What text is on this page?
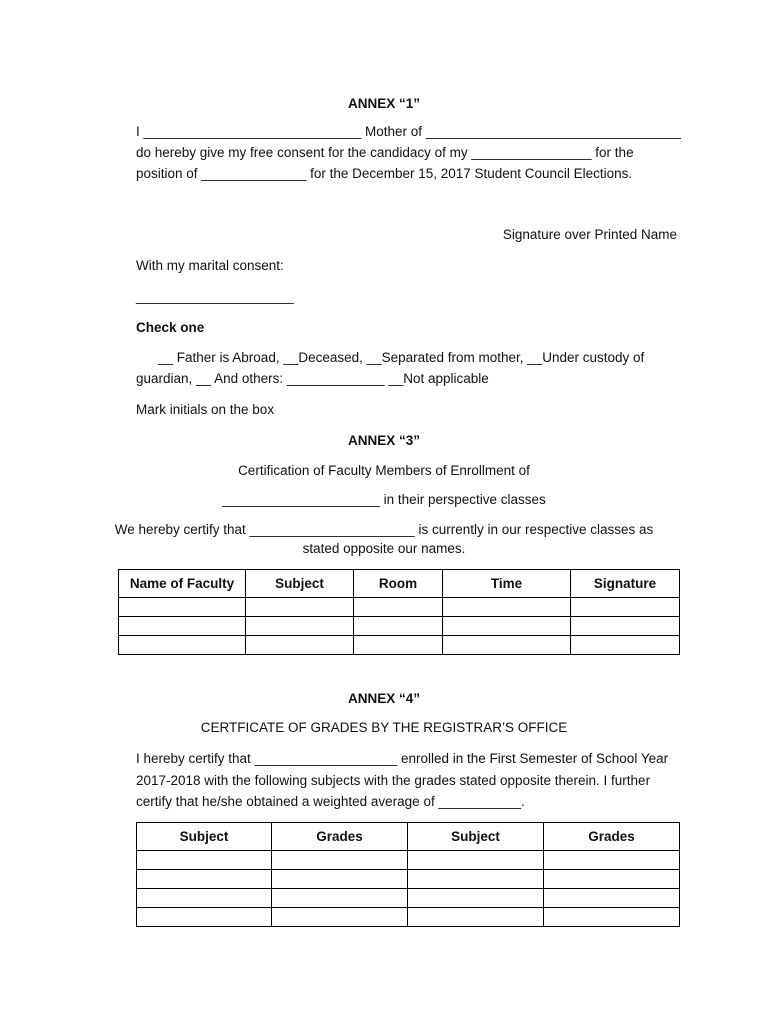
ANNEX “1”
I _____________________________ Mother of __________________________________
do hereby give my free consent for the candidacy of my ________________ for the
position of ______________ for the December 15, 2017 Student Council Elections.
Signature over Printed Name
With my marital consent:
_____________________
Check one
__ Father is Abroad, __Deceased, __Separated from mother, __Under custody of
guardian, __ And others: _____________ __Not applicable
Mark initials on the box
ANNEX “3”
Certification of Faculty Members of Enrollment of
_____________________ in their perspective classes
We hereby certify that ______________________ is currently in our respective classes as
stated opposite our names.
Name of Faculty	Subject	Room	Time	Signature

ANNEX “4”
CERTFICATE OF GRADES BY THE REGISTRAR’S OFFICE
I hereby certify that ___________________ enrolled in the First Semester of School Year
2017-2018 with the following subjects with the grades stated opposite therein. I further
certify that he/she obtained a weighted average of ___________.
Subject	Grades	Subject	Grades
